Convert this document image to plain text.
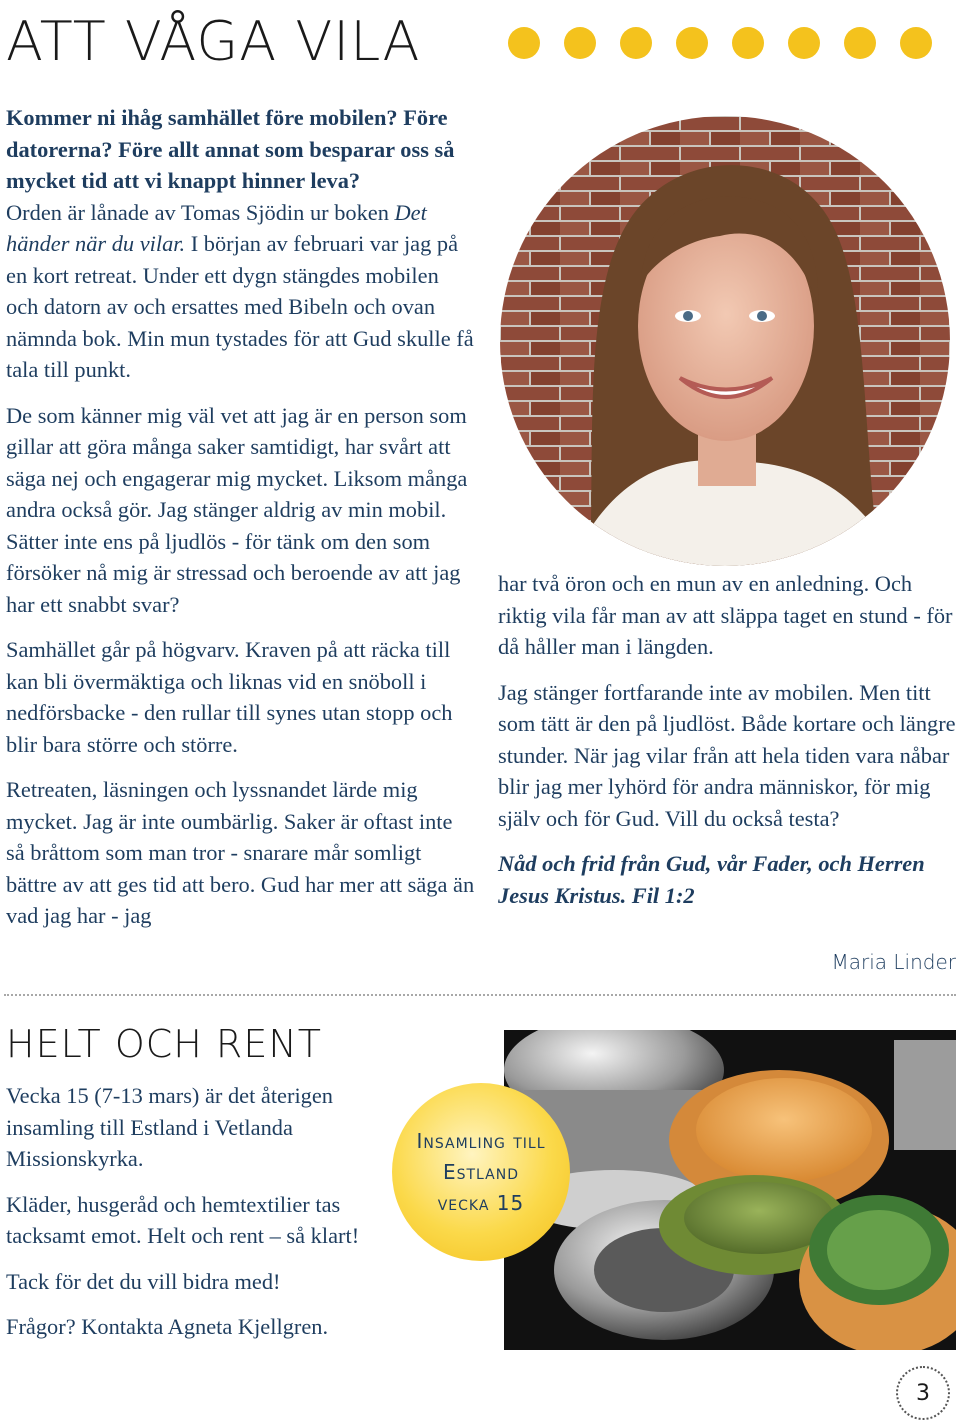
ATT VÅGA VILA

Kommer ni ihåg samhället före mobilen? Före datorerna? Före allt annat som besparar oss så mycket tid att vi knappt hinner leva?

Orden är lånade av Tomas Sjödin ur boken Det händer när du vilar. I början av februari var jag på en kort retreat. Under ett dygn stängdes mobilen och datorn av och ersattes med Bibeln och ovan nämnda bok. Min mun tystades för att Gud skulle få tala till punkt.

De som känner mig väl vet att jag är en person som gillar att göra många saker samtidigt, har svårt att säga nej och engagerar mig mycket. Liksom många andra också gör. Jag stänger aldrig av min mobil. Sätter inte ens på ljudlös - för tänk om den som försöker nå mig är stressad och beroende av att jag har ett snabbt svar?

Samhället går på högvarv. Kraven på att räcka till kan bli övermäktiga och liknas vid en snöboll i nedförsbacke - den rullar till synes utan stopp och blir bara större och större.

Retreaten, läsningen och lyssnandet lärde mig mycket. Jag är inte oumbärlig. Saker är oftast inte så bråttom som man tror - snarare mår somligt bättre av att ges tid att bero. Gud har mer att säga än vad jag har - jag

har två öron och en mun av en anledning. Och riktig vila får man av att släppa taget en stund - för då håller man i längden.

Jag stänger fortfarande inte av mobilen. Men titt som tätt är den på ljudlöst. Både kortare och längre stunder. När jag vilar från att hela tiden vara nåbar blir jag mer lyhörd för andra människor, för mig själv och för Gud. Vill du också testa?

Nåd och frid från Gud, vår Fader, och Herren Jesus Kristus. Fil 1:2

Maria Linder
HELT OCH RENT

Vecka 15 (7-13 mars) är det återigen insamling till Estland i Vetlanda Missionskyrka.

Kläder, husgeråd och hemtextilier tas tacksamt emot. Helt och rent – så klart!

Tack för det du vill bidra med!

Frågor? Kontakta Agneta Kjellgren.

Insamling till
Estland
vecka 15
3
